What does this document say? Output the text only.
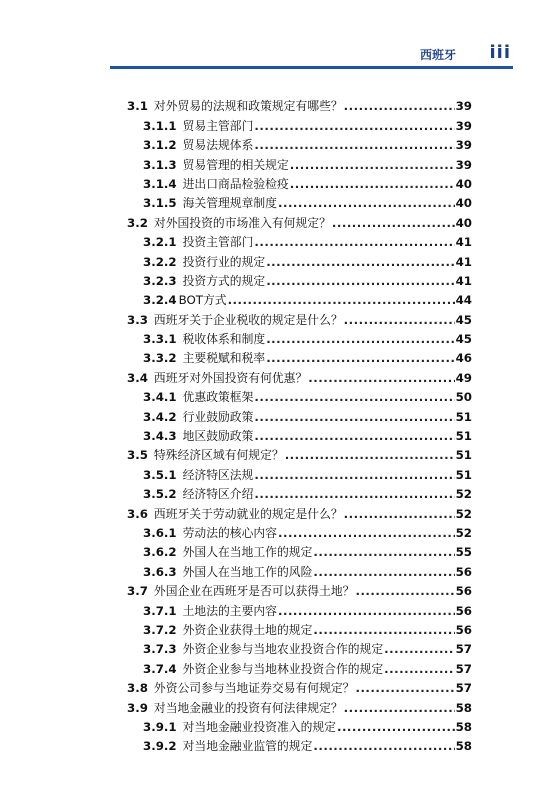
西班牙 iii
3.1 对外贸易的法规和政策规定有哪些？ .....	39
3.1.1 贸易主管部门 .....	39
3.1.2 贸易法规体系 .....	39
3.1.3 贸易管理的相关规定 .....	39
3.1.4 进出口商品检验检疫 .....	40
3.1.5 海关管理规章制度 .....	40
3.2 对外国投资的市场准入有何规定？ .....	40
3.2.1 投资主管部门 .....	41
3.2.2 投资行业的规定 .....	41
3.2.3 投资方式的规定 .....	41
3.2.4 BOT方式 .....	44
3.3 西班牙关于企业税收的规定是什么？ .....	45
3.3.1 税收体系和制度 .....	45
3.3.2 主要税赋和税率 .....	46
3.4 西班牙对外国投资有何优惠？ .....	49
3.4.1 优惠政策框架 .....	50
3.4.2 行业鼓励政策 .....	51
3.4.3 地区鼓励政策 .....	51
3.5 特殊经济区域有何规定？ .....	51
3.5.1 经济特区法规 .....	51
3.5.2 经济特区介绍 .....	52
3.6 西班牙关于劳动就业的规定是什么？ .....	52
3.6.1 劳动法的核心内容 .....	52
3.6.2 外国人在当地工作的规定 .....	55
3.6.3 外国人在当地工作的风险 .....	56
3.7 外国企业在西班牙是否可以获得土地？ .....	56
3.7.1 土地法的主要内容 .....	56
3.7.2 外资企业获得土地的规定 .....	56
3.7.3 外资企业参与当地农业投资合作的规定 .....	57
3.7.4 外资企业参与当地林业投资合作的规定 .....	57
3.8 外资公司参与当地证券交易有何规定？ .....	57
3.9 对当地金融业的投资有何法律规定？ .....	58
3.9.1 对当地金融业投资准入的规定 .....	58
3.9.2 对当地金融业监管的规定 .....	58
